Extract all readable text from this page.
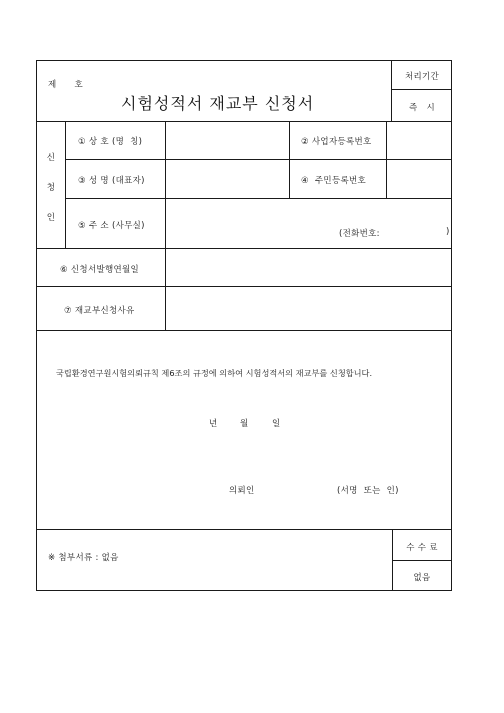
제      호
시험성적서 재교부 신청서
처리기간
즉   시
신
청
인
① 상 호 (명  칭)	② 사업자등록번호
③ 성 명 (대표자)	④  주민등록번호
⑤ 주 소 (사무실)
(전화번호:	)
⑥ 신청서발행연월일
⑦ 재교부신청사유
국립환경연구원시험의뢰규칙 제6조의 규정에 의하여 시험성적서의 재교부를 신청합니다.
년	월	일
의뢰인	(서명  또는  인)
※ 첨부서류 : 없음
수 수 료
없음
